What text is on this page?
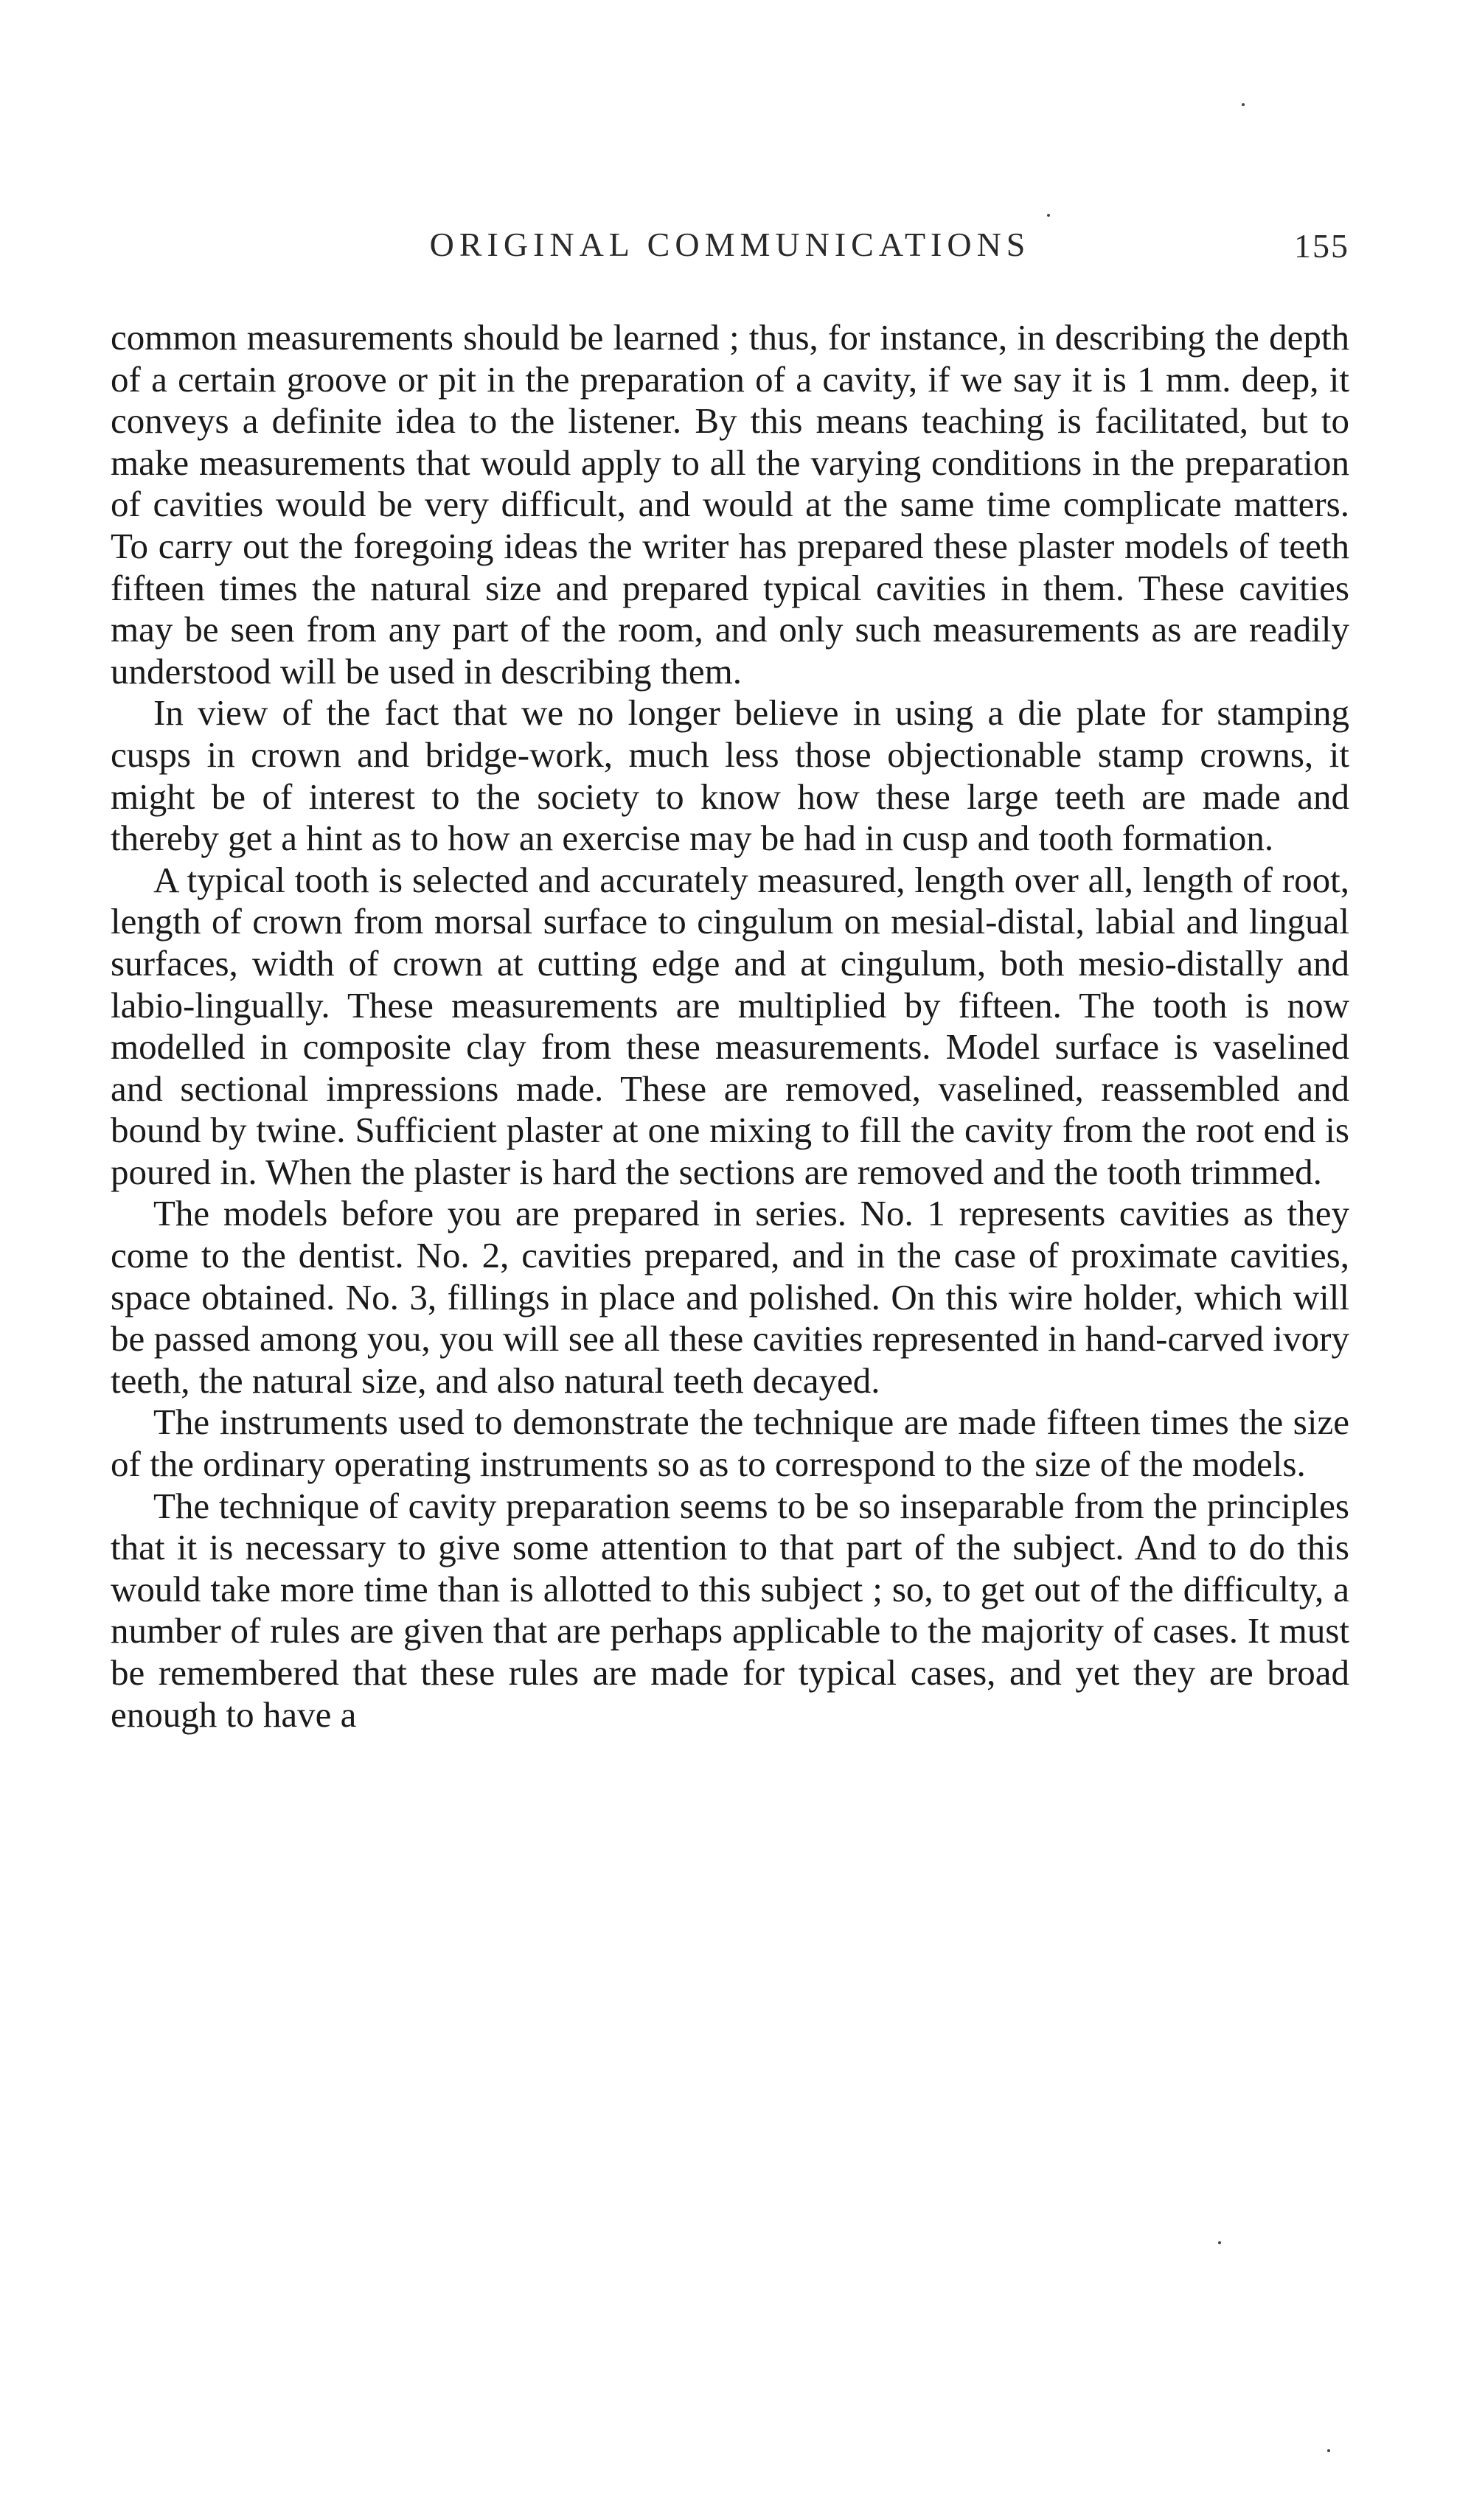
ORIGINAL COMMUNICATIONS	155

common measurements should be learned ; thus, for instance, in describing the depth of a certain groove or pit in the preparation of a cavity, if we say it is 1 mm. deep, it conveys a definite idea to the listener. By this means teaching is facilitated, but to make measurements that would apply to all the varying conditions in the preparation of cavities would be very difficult, and would at the same time complicate matters. To carry out the foregoing ideas the writer has prepared these plaster models of teeth fifteen times the natural size and prepared typical cavities in them. These cavities may be seen from any part of the room, and only such measurements as are readily understood will be used in describing them.

In view of the fact that we no longer believe in using a die plate for stamping cusps in crown and bridge-work, much less those objectionable stamp crowns, it might be of interest to the society to know how these large teeth are made and thereby get a hint as to how an exercise may be had in cusp and tooth formation.

A typical tooth is selected and accurately measured, length over all, length of root, length of crown from morsal surface to cingulum on mesial-distal, labial and lingual surfaces, width of crown at cutting edge and at cingulum, both mesio-distally and labio-lingually. These measurements are multiplied by fifteen. The tooth is now modelled in composite clay from these measurements. Model surface is vaselined and sectional impressions made. These are removed, vaselined, reassembled and bound by twine. Sufficient plaster at one mixing to fill the cavity from the root end is poured in. When the plaster is hard the sections are removed and the tooth trimmed.

The models before you are prepared in series. No. 1 represents cavities as they come to the dentist. No. 2, cavities prepared, and in the case of proximate cavities, space obtained. No. 3, fillings in place and polished. On this wire holder, which will be passed among you, you will see all these cavities represented in hand-carved ivory teeth, the natural size, and also natural teeth decayed.

The instruments used to demonstrate the technique are made fifteen times the size of the ordinary operating instruments so as to correspond to the size of the models.

The technique of cavity preparation seems to be so inseparable from the principles that it is necessary to give some attention to that part of the subject. And to do this would take more time than is allotted to this subject ; so, to get out of the difficulty, a number of rules are given that are perhaps applicable to the majority of cases. It must be remembered that these rules are made for typical cases, and yet they are broad enough to have a
